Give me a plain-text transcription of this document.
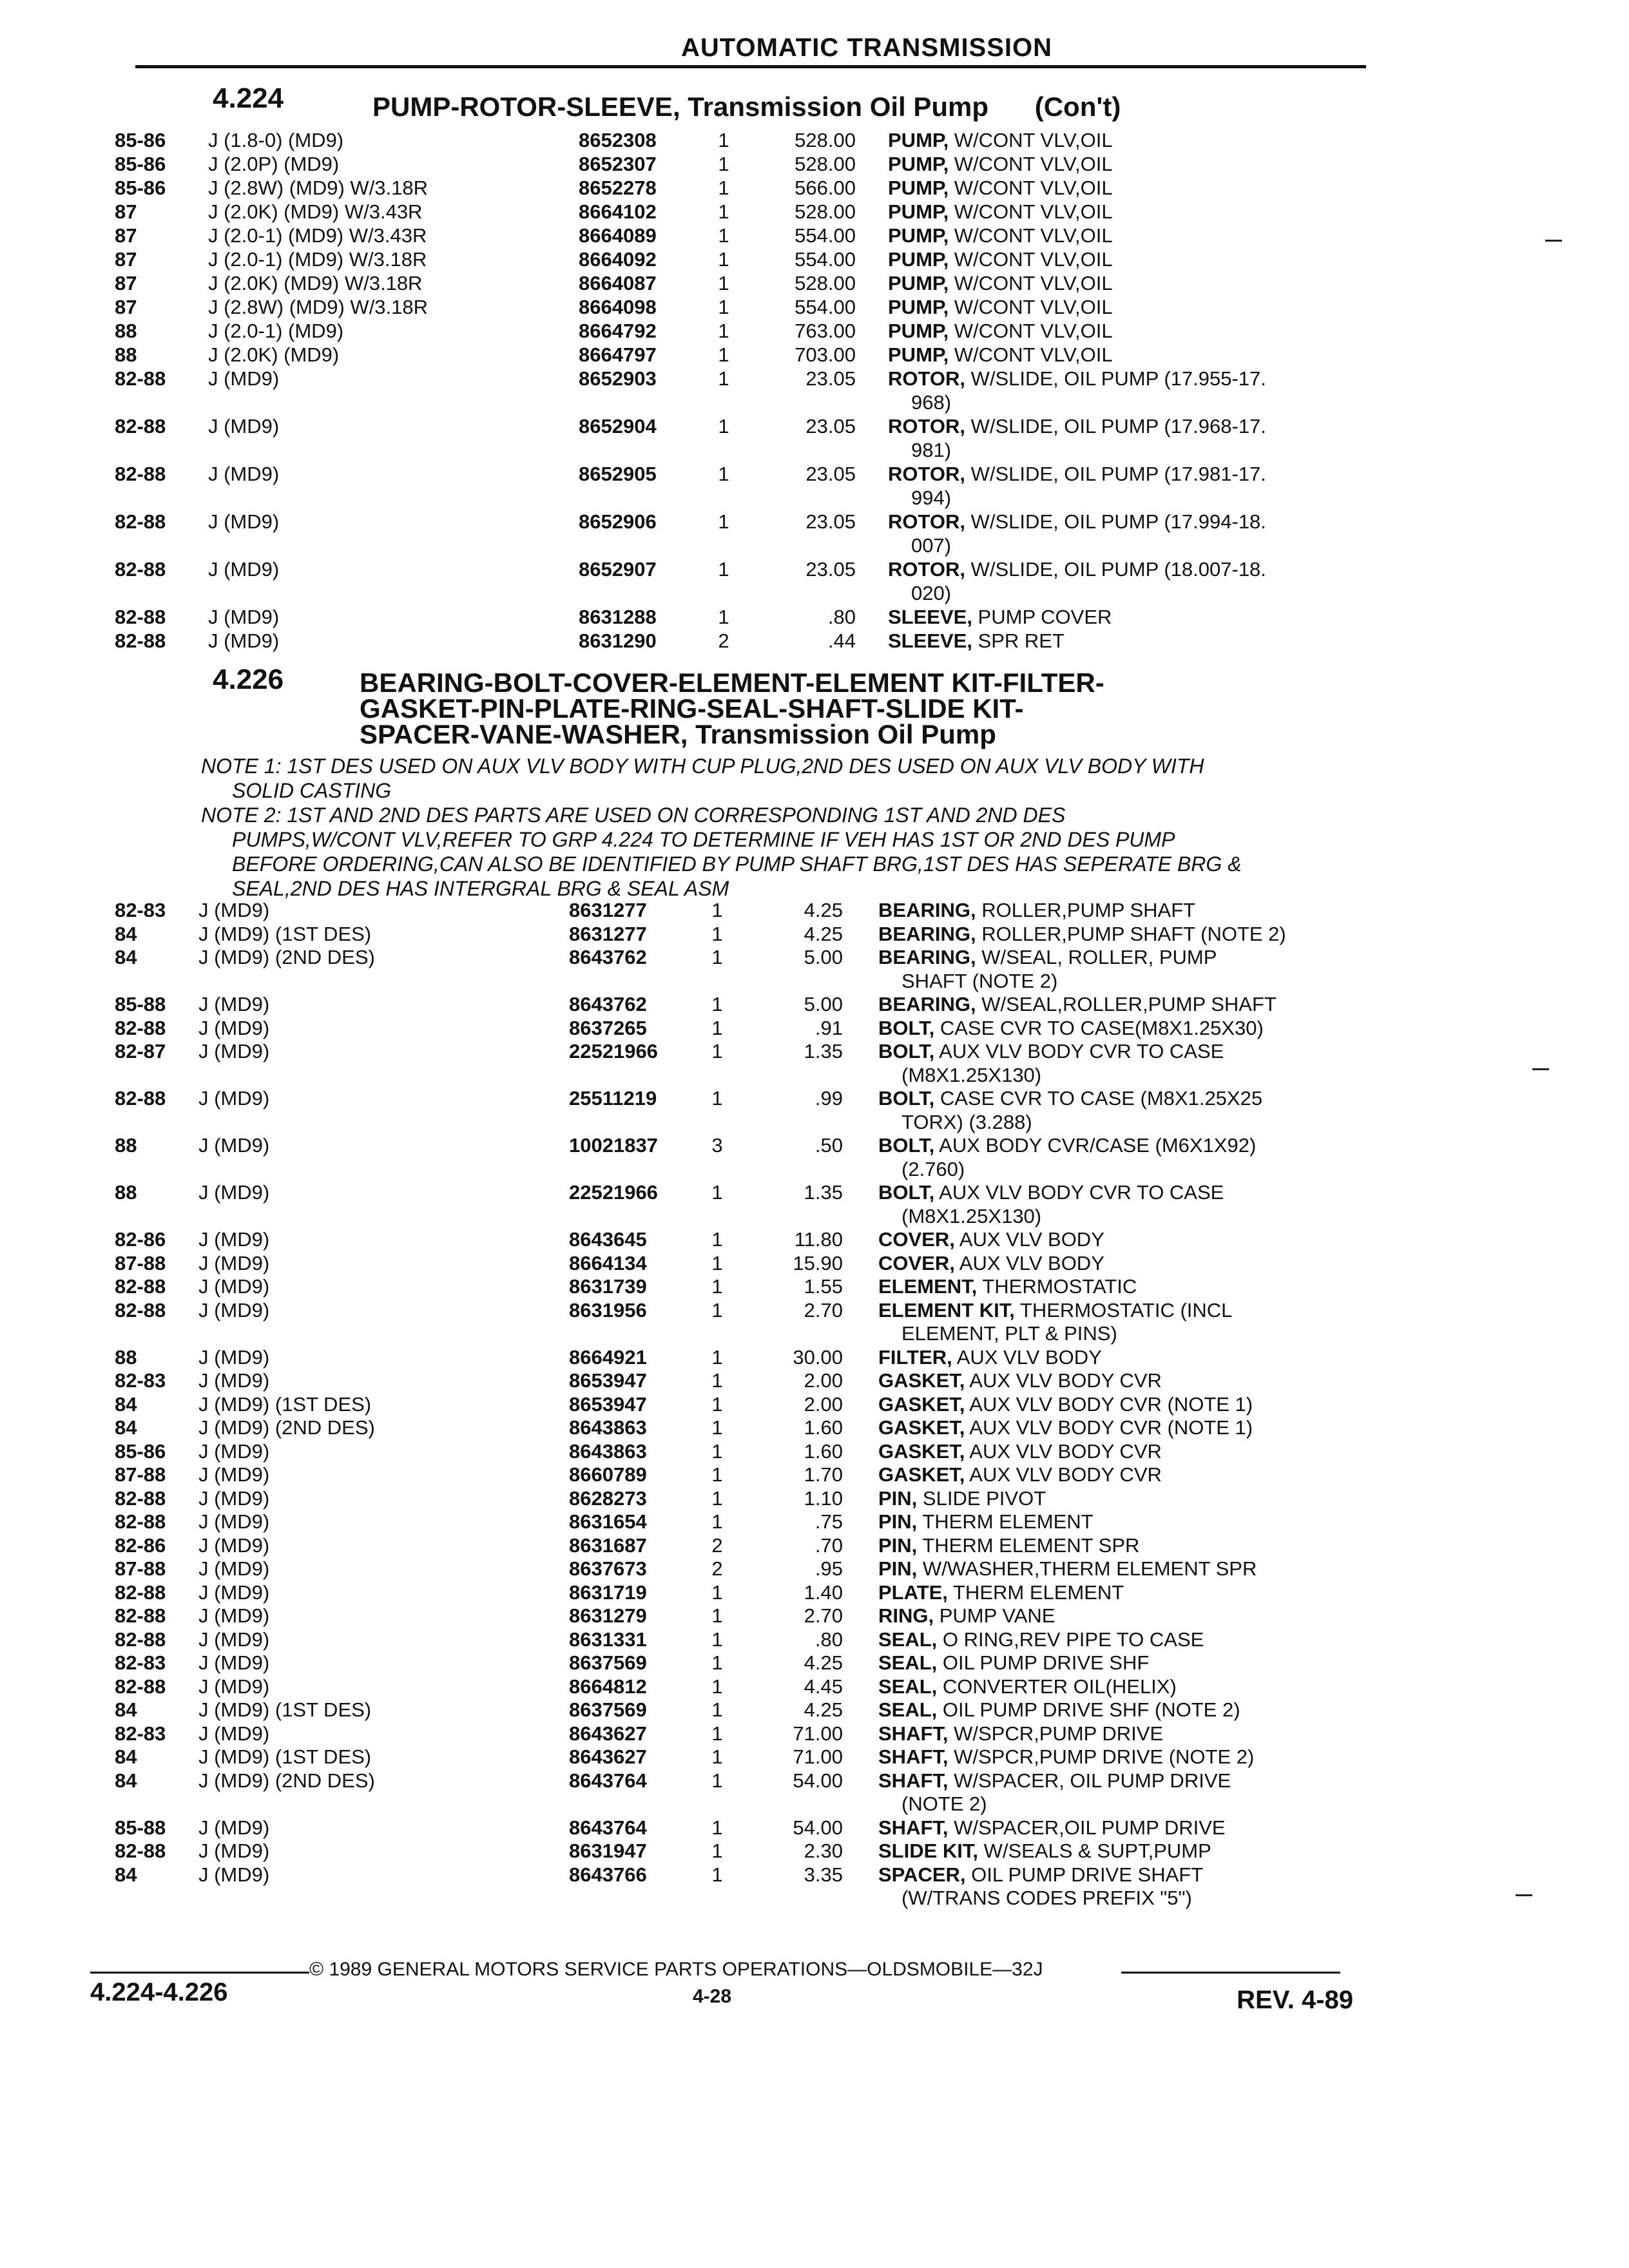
AUTOMATIC TRANSMISSION
4.224	PUMP-ROTOR-SLEEVE, Transmission Oil Pump (Con't)
85-86 J (1.8-0) (MD9)	8652308	1	528.00 PUMP, W/CONT VLV,OIL
85-86 J (2.0P) (MD9)	8652307	1	528.00 PUMP, W/CONT VLV,OIL
85-86 J (2.8W) (MD9) W/3.18R	8652278	1	566.00 PUMP, W/CONT VLV,OIL
87	J (2.0K) (MD9) W/3.43R	8664102	1	528.00 PUMP, W/CONT VLV,OIL
87	J (2.0-1) (MD9) W/3.43R	8664089	1	554.00 PUMP, W/CONT VLV,OIL
87	J (2.0-1) (MD9) W/3.18R	8664092	1	554.00 PUMP, W/CONT VLV,OIL
87	J (2.0K) (MD9) W/3.18R	8664087	1	528.00 PUMP, W/CONT VLV,OIL
87	J (2.8W) (MD9) W/3.18R	8664098	1	554.00 PUMP, W/CONT VLV,OIL
88	J (2.0-1) (MD9)	8664792	1	763.00 PUMP, W/CONT VLV,OIL
88	J (2.0K) (MD9)	8664797	1	703.00 PUMP, W/CONT VLV,OIL
82-88 J (MD9)	8652903	1	23.05 ROTOR, W/SLIDE, OIL PUMP (17.955-17.
968)
82-88 J (MD9)	8652904	1	23.05 ROTOR, W/SLIDE, OIL PUMP (17.968-17.
981)
82-88 J (MD9)	8652905	1	23.05 ROTOR, W/SLIDE, OIL PUMP (17.981-17.
994)
82-88 J (MD9)	8652906	1	23.05 ROTOR, W/SLIDE, OIL PUMP (17.994-18.
007)
82-88 J (MD9)	8652907	1	23.05 ROTOR, W/SLIDE, OIL PUMP (18.007-18.
020)
82-88 J (MD9)	8631288	1	.80 SLEEVE, PUMP COVER
82-88 J (MD9)	8631290	2	.44 SLEEVE, SPR RET
4.226	BEARING-BOLT-COVER-ELEMENT-ELEMENT KIT-FILTER-
GASKET-PIN-PLATE-RING-SEAL-SHAFT-SLIDE KIT-
SPACER-VANE-WASHER, Transmission Oil Pump

NOTE 1: 1ST DES USED ON AUX VLV BODY WITH CUP PLUG,2ND DES USED ON AUX VLV BODY WITH
SOLID CASTING

NOTE 2: 1ST AND 2ND DES PARTS ARE USED ON CORRESPONDING 1ST AND 2ND DES
PUMPS,W/CONT VLV,REFER TO GRP 4.224 TO DETERMINE IF VEH HAS 1ST OR 2ND DES PUMP
BEFORE ORDERING,CAN ALSO BE IDENTIFIED BY PUMP SHAFT BRG,1ST DES HAS SEPERATE BRG &
SEAL,2ND DES HAS INTERGRAL BRG & SEAL ASM

82-83 J (MD9)	8631277	1	4.25 BEARING, ROLLER,PUMP SHAFT
84	J (MD9) (1ST DES)	8631277	1	4.25 BEARING, ROLLER,PUMP SHAFT (NOTE 2)
84	J (MD9) (2ND DES)	8643762	1	5.00 BEARING, W/SEAL, ROLLER, PUMP
SHAFT (NOTE 2)
85-88 J (MD9)	8643762	1	5.00 BEARING, W/SEAL,ROLLER,PUMP SHAFT
82-88 J (MD9)	8637265	1	.91 BOLT, CASE CVR TO CASE(M8X1.25X30)
82-87 J (MD9)	22521966	1	1.35 BOLT, AUX VLV BODY CVR TO CASE
(M8X1.25X130)
82-88 J (MD9)	25511219	1	.99 BOLT, CASE CVR TO CASE (M8X1.25X25
TORX) (3.288)
88	J (MD9)	10021837	3	.50 BOLT, AUX BODY CVR/CASE (M6X1X92)
(2.760)
88	J (MD9)	22521966	1	1.35 BOLT, AUX VLV BODY CVR TO CASE
(M8X1.25X130)
82-86 J (MD9)	8643645	1	11.80 COVER, AUX VLV BODY
87-88 J (MD9)	8664134	1	15.90 COVER, AUX VLV BODY
82-88 J (MD9)	8631739	1	1.55 ELEMENT, THERMOSTATIC
82-88 J (MD9)	8631956	1	2.70 ELEMENT KIT, THERMOSTATIC (INCL
ELEMENT, PLT & PINS)
88	J (MD9)	8664921	1	30.00 FILTER, AUX VLV BODY
82-83 J (MD9)	8653947	1	2.00 GASKET, AUX VLV BODY CVR
84	J (MD9) (1ST DES)	8653947	1	2.00 GASKET, AUX VLV BODY CVR (NOTE 1)
84	J (MD9) (2ND DES)	8643863	1	1.60 GASKET, AUX VLV BODY CVR (NOTE 1)
85-86 J (MD9)	8643863	1	1.60 GASKET, AUX VLV BODY CVR
87-88 J (MD9)	8660789	1	1.70 GASKET, AUX VLV BODY CVR
82-88 J (MD9)	8628273	1	1.10 PIN, SLIDE PIVOT
82-88 J (MD9)	8631654	1	.75 PIN, THERM ELEMENT
82-86 J (MD9)	8631687	2	.70 PIN, THERM ELEMENT SPR
87-88 J (MD9)	8637673	2	.95 PIN, W/WASHER,THERM ELEMENT SPR
82-88 J (MD9)	8631719	1	1.40 PLATE, THERM ELEMENT
82-88 J (MD9)	8631279	1	2.70 RING, PUMP VANE
82-88 J (MD9)	8631331	1	.80 SEAL, O RING,REV PIPE TO CASE
82-83 J (MD9)	8637569	1	4.25 SEAL, OIL PUMP DRIVE SHF
82-88 J (MD9)	8664812	1	4.45 SEAL, CONVERTER OIL(HELIX)
84	J (MD9) (1ST DES)	8637569	1	4.25 SEAL, OIL PUMP DRIVE SHF (NOTE 2)
82-83 J (MD9)	8643627	1	71.00 SHAFT, W/SPCR,PUMP DRIVE
84	J (MD9) (1ST DES)	8643627	1	71.00 SHAFT, W/SPCR,PUMP DRIVE (NOTE 2)
84	J (MD9) (2ND DES)	8643764	1	54.00 SHAFT, W/SPACER, OIL PUMP DRIVE
(NOTE 2)
85-88 J (MD9)	8643764	1	54.00 SHAFT, W/SPACER,OIL PUMP DRIVE
82-88 J (MD9)	8631947	1	2.30 SLIDE KIT, W/SEALS & SUPT,PUMP
84	J (MD9)	8643766	1	3.35 SPACER, OIL PUMP DRIVE SHAFT
(W/TRANS CODES PREFIX "5")
© 1989 GENERAL MOTORS SERVICE PARTS OPERATIONS—OLDSMOBILE—32J
4.224-4.226	4-28	REV. 4-89
